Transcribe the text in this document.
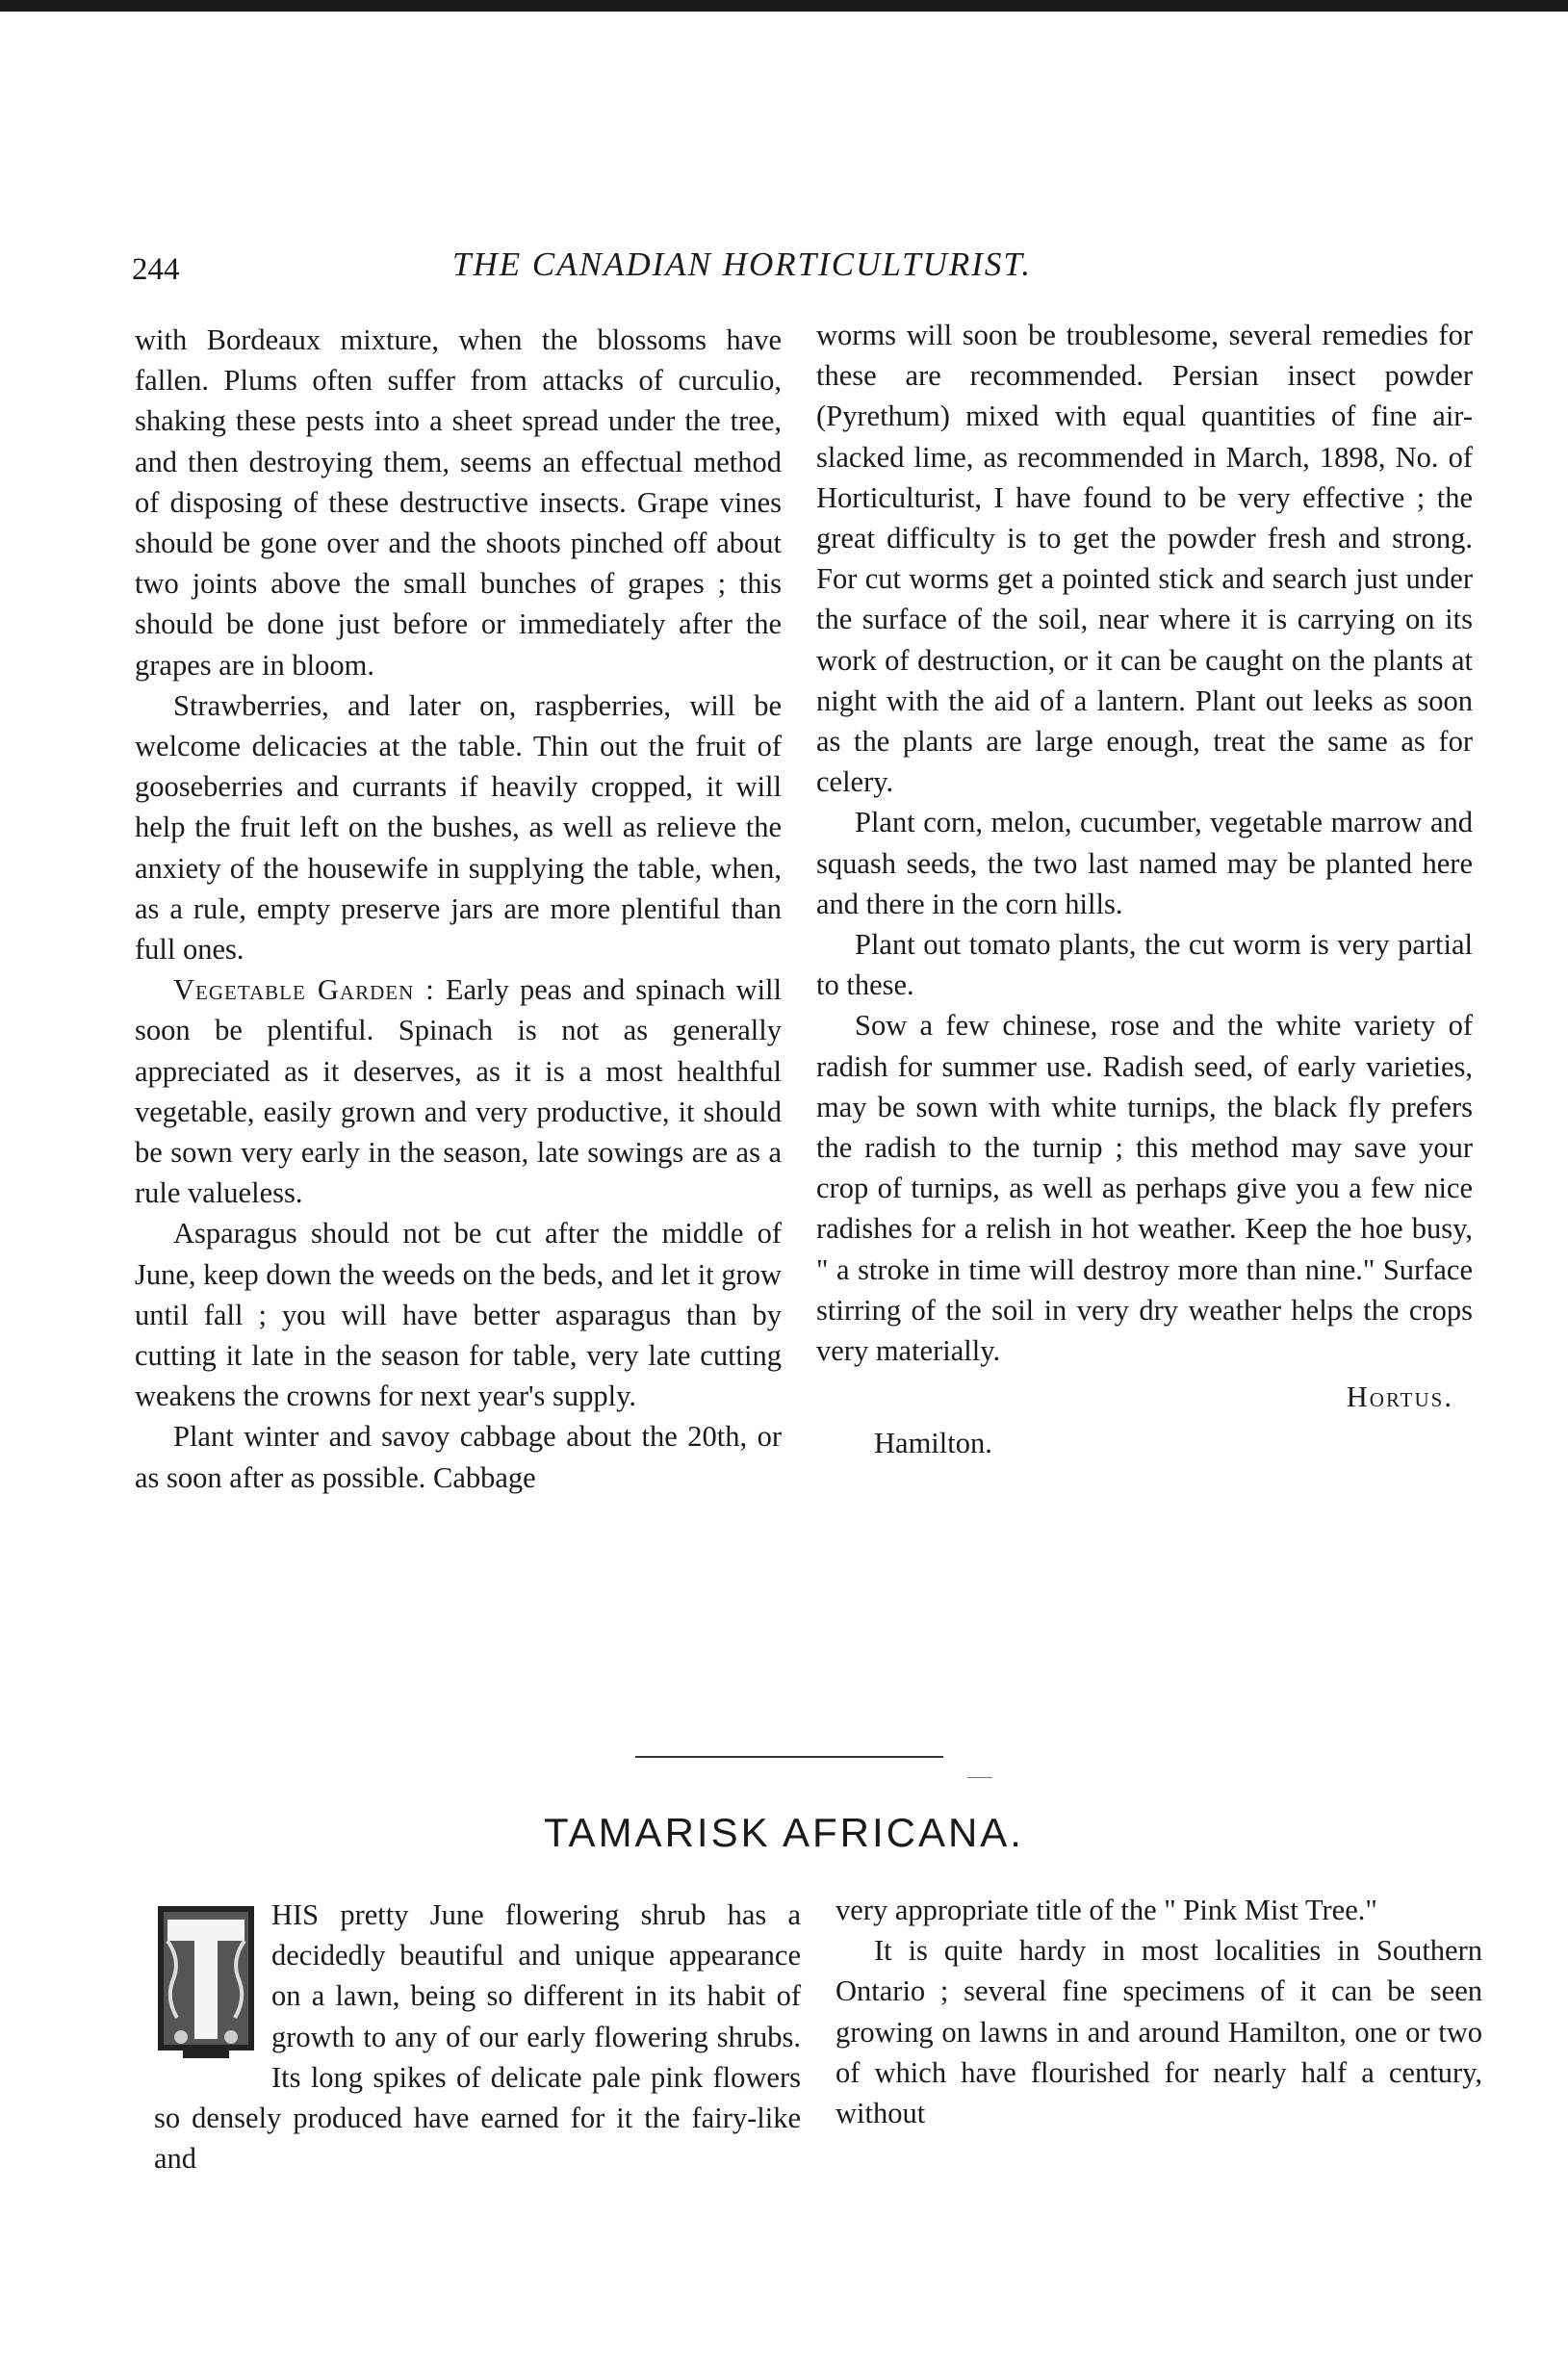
244	THE CANADIAN HORTICULTURIST.

with Bordeaux mixture, when the blossoms have fallen. Plums often suffer from attacks of curculio, shaking these pests into a sheet spread under the tree, and then destroying them, seems an effectual method of disposing of these destructive insects. Grape vines should be gone over and the shoots pinched off about two joints above the small bunches of grapes ; this should be done just before or immediately after the grapes are in bloom.

Strawberries, and later on, raspberries, will be welcome delicacies at the table. Thin out the fruit of gooseberries and currants if heavily cropped, it will help the fruit left on the bushes, as well as relieve the anxiety of the housewife in supplying the table, when, as a rule, empty preserve jars are more plentiful than full ones.

Vegetable Garden : Early peas and spinach will soon be plentiful. Spinach is not as generally appreciated as it deserves, as it is a most healthful vegetable, easily grown and very productive, it should be sown very early in the season, late sowings are as a rule valueless.

Asparagus should not be cut after the middle of June, keep down the weeds on the beds, and let it grow until fall ; you will have better asparagus than by cutting it late in the season for table, very late cutting weakens the crowns for next year's supply.

Plant winter and savoy cabbage about the 20th, or as soon after as possible. Cabbage

worms will soon be troublesome, several remedies for these are recommended. Persian insect powder (Pyrethum) mixed with equal quantities of fine air-slacked lime, as recommended in March, 1898, No. of Horticulturist, I have found to be very effective ; the great difficulty is to get the powder fresh and strong. For cut worms get a pointed stick and search just under the surface of the soil, near where it is carrying on its work of destruction, or it can be caught on the plants at night with the aid of a lantern. Plant out leeks as soon as the plants are large enough, treat the same as for celery.

Plant corn, melon, cucumber, vegetable marrow and squash seeds, the two last named may be planted here and there in the corn hills.

Plant out tomato plants, the cut worm is very partial to these.

Sow a few chinese, rose and the white variety of radish for summer use. Radish seed, of early varieties, may be sown with white turnips, the black fly prefers the radish to the turnip ; this method may save your crop of turnips, as well as perhaps give you a few nice radishes for a relish in hot weather. Keep the hoe busy, " a stroke in time will destroy more than nine." Surface stirring of the soil in very dry weather helps the crops very materially.

Hortus.

Hamilton.

TAMARISK AFRICANA.

HIS pretty June flowering shrub has a decidedly beautiful and unique appearance on a lawn, being so different in its habit of growth to any of our early flowering shrubs. Its long spikes of delicate pale pink flowers so densely produced have earned for it the fairy-like and

very appropriate title of the " Pink Mist Tree."

It is quite hardy in most localities in Southern Ontario ; several fine specimens of it can be seen growing on lawns in and around Hamilton, one or two of which have flourished for nearly half a century, without
